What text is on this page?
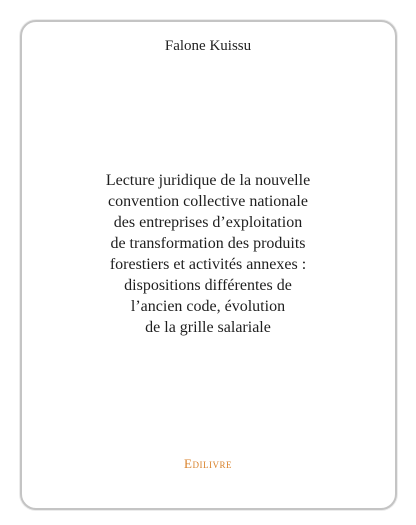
Falone Kuissu
Lecture juridique de la nouvelle
convention collective nationale
des entreprises d’exploitation
de transformation des produits
forestiers et activités annexes :
dispositions différentes de
l’ancien code, évolution
de la grille salariale
Edilivre
